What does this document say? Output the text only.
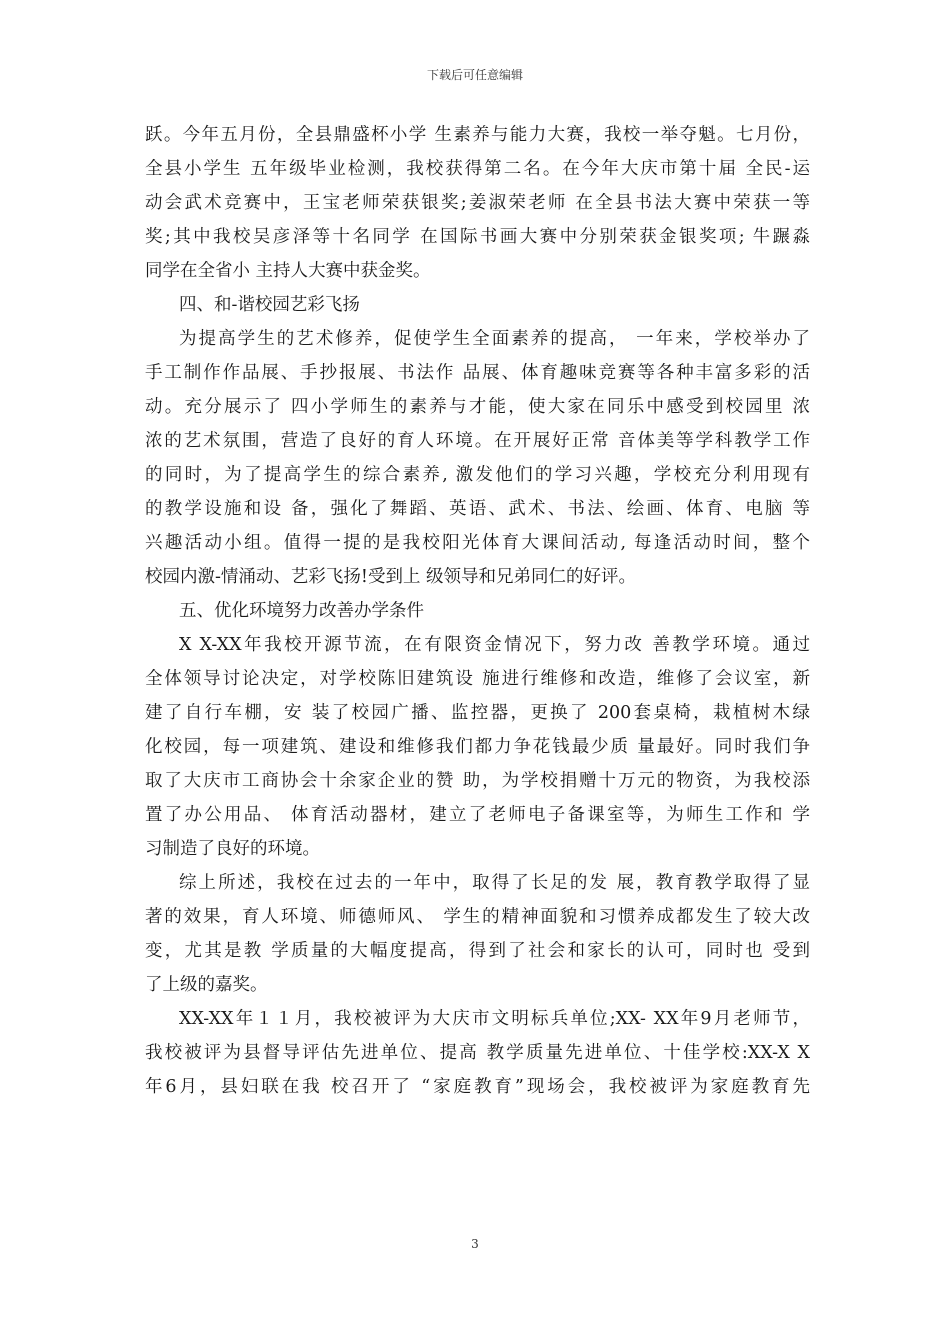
下载后可任意编辑
跃。今年五月份，全县鼎盛杯小学 生素养与能力大赛，我校一举夺魁。七月份，
全县小学生 五年级毕业检测，我校获得第二名。在今年大庆市第十届 全民-运
动会武术竞赛中，王宝老师荣获银奖;姜淑荣老师 在全县书法大赛中荣获一等
奖;其中我校吴彦泽等十名同学 在国际书画大赛中分别荣获金银奖项; 牛蹍淼
同学在全省小 主持人大赛中获金奖。
四、和-谐校园艺彩飞扬
为提高学生的艺术修养，促使学生全面素养的提高， 一年来，学校举办了
手工制作作品展、手抄报展、书法作 品展、体育趣味竞赛等各种丰富多彩的活
动。充分展示了 四小学师生的素养与才能，使大家在同乐中感受到校园里 浓
浓的艺术氛围，营造了良好的育人环境。在开展好正常 音体美等学科教学工作
的同时，为了提高学生的综合素养, 激发他们的学习兴趣，学校充分利用现有
的教学设施和设 备，强化了舞蹈、英语、武术、书法、绘画、体育、电脑 等
兴趣活动小组。值得一提的是我校阳光体育大课间活动, 每逢活动时间，整个
校园内激-情涌动、艺彩飞扬!受到上 级领导和兄弟同仁的好评。
五、优化环境努力改善办学条件
X X-XX年我校开源节流，在有限资金情况下，努力改 善教学环境。通过
全体领导讨论决定，对学校陈旧建筑设 施进行维修和改造，维修了会议室，新
建了自行车棚，安 装了校园广播、监控器，更换了 200套桌椅，栽植树木绿
化校园，每一项建筑、建设和维修我们都力争花钱最少质 量最好。同时我们争
取了大庆市工商协会十余家企业的赞 助，为学校捐赠十万元的物资，为我校添
置了办公用品、 体育活动器材，建立了老师电子备课室等，为师生工作和 学
习制造了良好的环境。
综上所述，我校在过去的一年中，取得了长足的发 展，教育教学取得了显
著的效果，育人环境、师德师风、 学生的精神面貌和习惯养成都发生了较大改
变，尤其是教 学质量的大幅度提高，得到了社会和家长的认可，同时也 受到
了上级的嘉奖。
XX-XX年１１月，我校被评为大庆市文明标兵单位;XX- XX年9月老师节，
我校被评为县督导评估先进单位、提高 教学质量先进单位、十佳学校:XX-X X
年6月，县妇联在我 校召开了 “家庭教育”现场会，我校被评为家庭教育先
3
